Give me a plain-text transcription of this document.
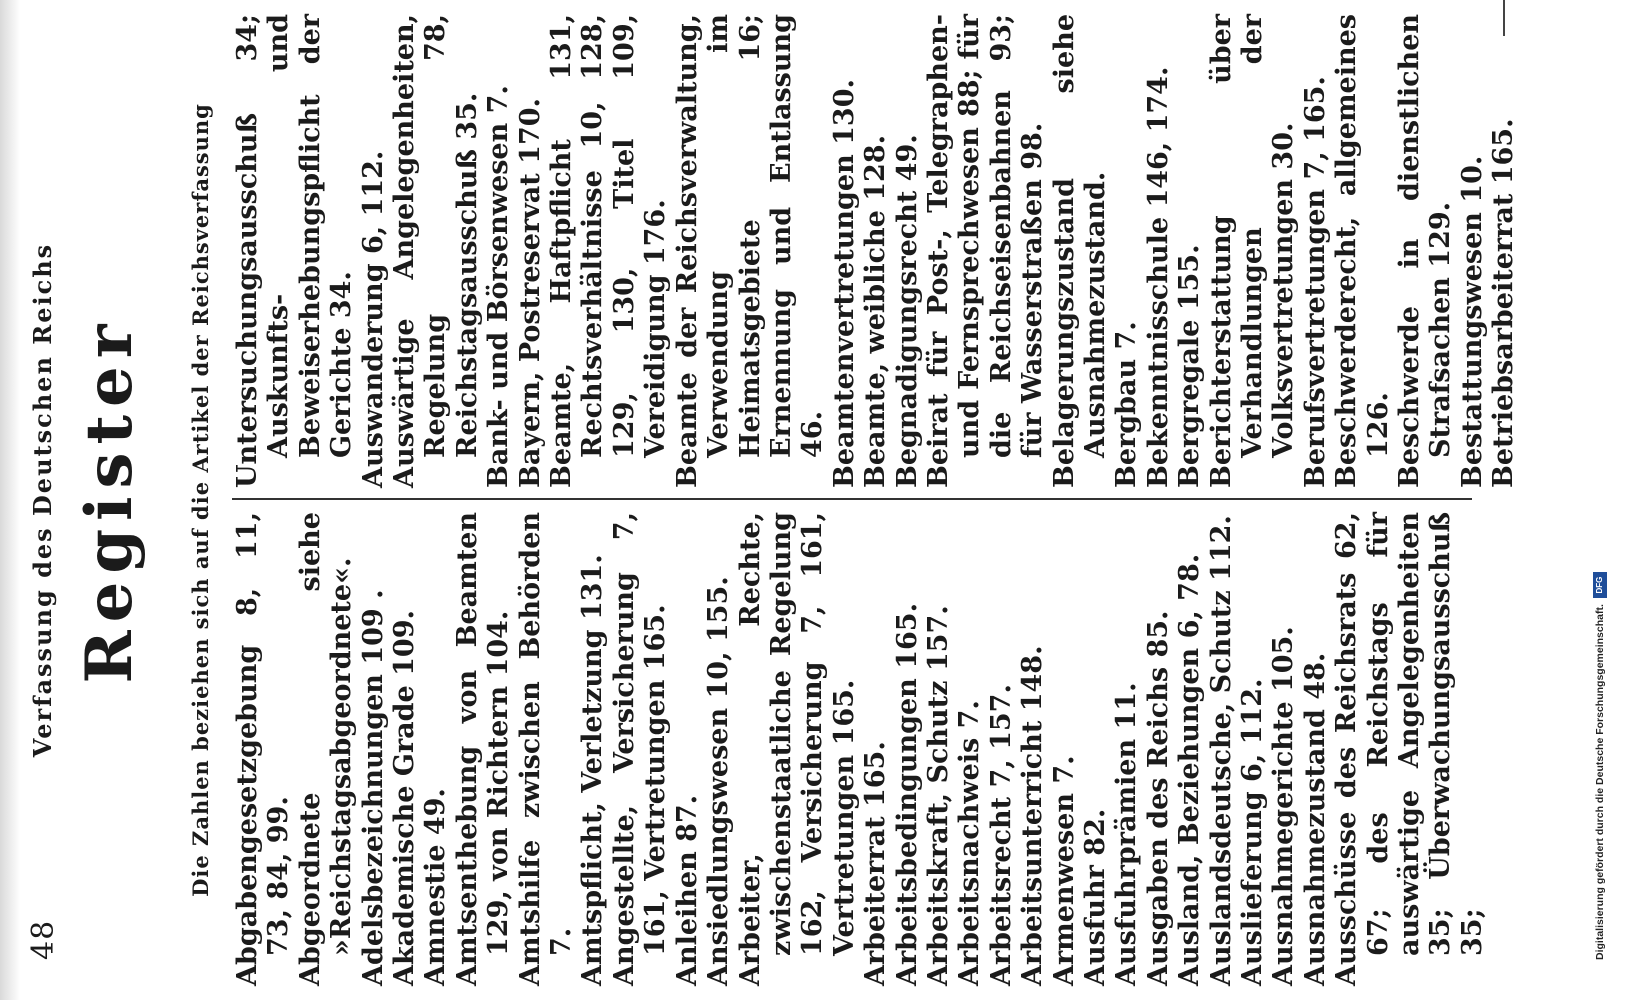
48
Verfassung des Deutschen Reichs Register Die Zahlen beziehen sich auf die Artikel der Reichsverfassung Abgabengesetzgebung 8, 11, 73, 84, 99. Abgeordnete siehe »Reichstagsabgeordnete«. Adelsbezeichnungen 109 . Akademische Grade 109. Amnestie 49. Amtsenthebung von Beamten 129, von Richtern 104. Amtshilfe zwischen Behörden 7. Amtspflicht, Verletzung 131. Angestellte, Versicherung 7, 161, Vertretungen 165. Anleihen 87. Ansiedlungswesen 10, 155. Arbeiter, Rechte, zwischenstaatliche Regelung 162, Versicherung 7, 161, Vertretungen 165. Arbeiterrat 165. Arbeitsbedingungen 165. Arbeitskraft, Schutz 157. Arbeitsnachweis 7. Arbeitsrecht 7, 157. Arbeitsunterricht 148. Armenwesen 7. Ausfuhr 82. Ausfuhrprämien 11. Ausgaben des Reichs 85. Ausland, Beziehungen 6, 78. Auslandsdeutsche, Schutz 112. Auslieferung 6, 112. Ausnahmegerichte 105. Ausnahmezustand 48. Ausschüsse des Reichsrats 62, 67; des Reichstags für auswärtige Angelegenheiten 35; Überwachungsausschuß 35;
Untersuchungsausschuß 34; Auskunfts- und Beweiserhebungspflicht der Gerichte 34. Auswanderung 6, 112. Auswärtige Angelegenheiten, Regelung 78, Reichstagsausschuß 35. Bank- und Börsenwesen 7. Bayern, Postreservat 170. Beamte, Haftpflicht 131, Rechtsverhältnisse 10, 128, 129, 130, Titel 109, Vereidigung 176. Beamte der Reichsverwaltung, Verwendung im Heimatsgebiete 16; Ernennung und Entlassung 46. Beamtenvertretungen 130. Beamte, weibliche 128. Begnadigungsrecht 49. Beirat für Post-, Telegraphen- und Fernsprechwesen 88; für die Reichseisenbahnen 93; für Wasserstraßen 98. Belagerungszustand siehe Ausnahmezustand. Bergbau 7. Bekenntnisschule 146, 174. Bergregale 155. Berichterstattung über Verhandlungen der Volksvertretungen 30. Berufsvertretungen 7, 165. Beschwerderecht, allgemeines 126. Beschwerde in dienstlichen Strafsachen 129. Bestattungswesen 10. Betriebsarbeiterrat 165.
Digitalisierung gefördert durch die Deutsche Forschungsgemeinschaft.
DFG
